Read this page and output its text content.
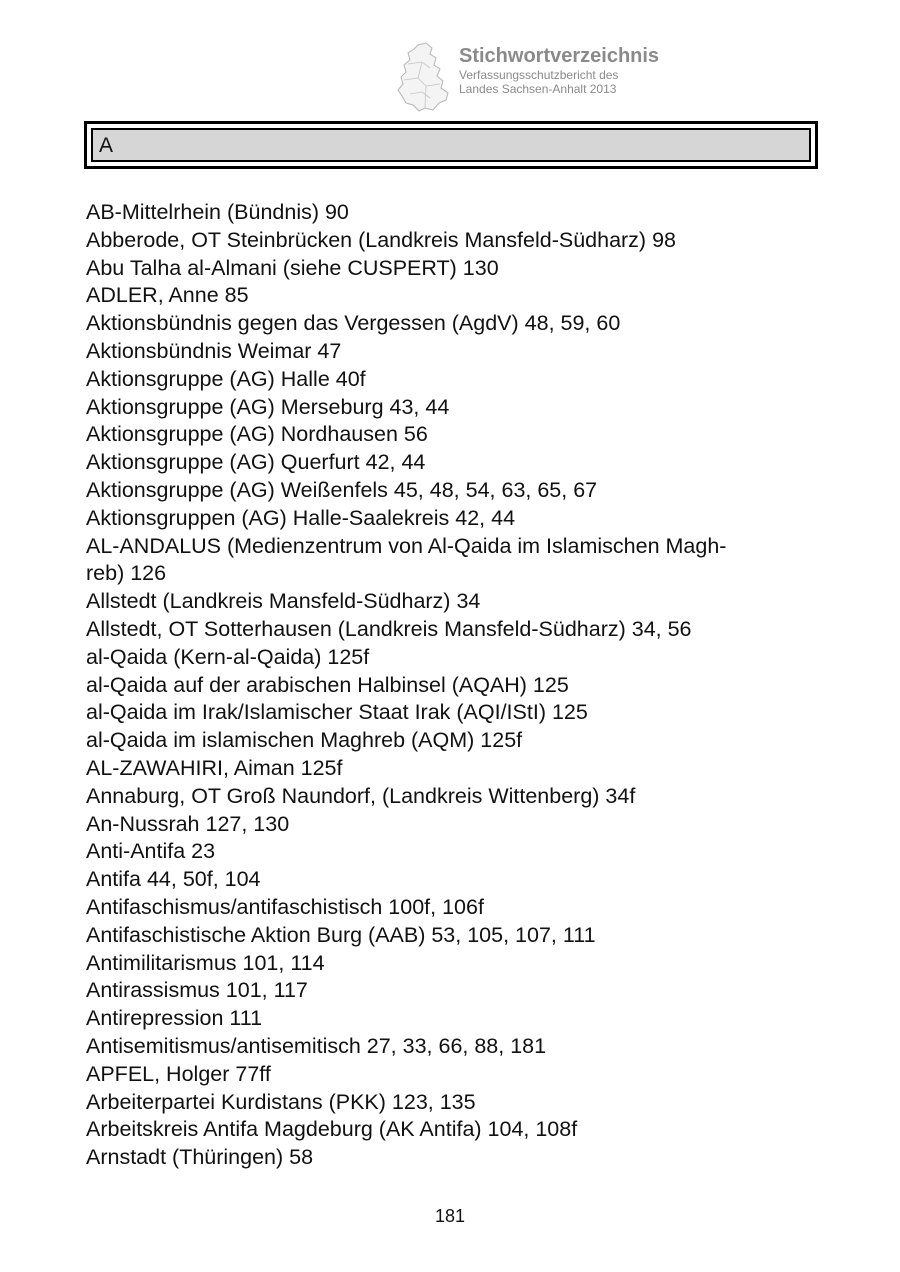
Stichwortverzeichnis
Verfassungsschutzbericht des
Landes Sachsen-Anhalt 2013
A
AB-Mittelrhein (Bündnis) 90
Abberode, OT Steinbrücken (Landkreis Mansfeld-Südharz) 98
Abu Talha al-Almani (siehe CUSPERT) 130
ADLER, Anne 85
Aktionsbündnis gegen das Vergessen (AgdV) 48, 59, 60
Aktionsbündnis Weimar 47
Aktionsgruppe (AG) Halle 40f
Aktionsgruppe (AG) Merseburg 43, 44
Aktionsgruppe (AG) Nordhausen 56
Aktionsgruppe (AG) Querfurt 42, 44
Aktionsgruppe (AG) Weißenfels 45, 48, 54, 63, 65, 67
Aktionsgruppen (AG) Halle-Saalekreis 42, 44
AL-ANDALUS (Medienzentrum von Al-Qaida im Islamischen Magh-
reb) 126
Allstedt (Landkreis Mansfeld-Südharz) 34
Allstedt, OT Sotterhausen (Landkreis Mansfeld-Südharz) 34, 56
al-Qaida (Kern-al-Qaida) 125f
al-Qaida auf der arabischen Halbinsel (AQAH) 125
al-Qaida im Irak/Islamischer Staat Irak (AQI/IStI) 125
al-Qaida im islamischen Maghreb (AQM) 125f
AL-ZAWAHIRI, Aiman 125f
Annaburg, OT Groß Naundorf, (Landkreis Wittenberg) 34f
An-Nussrah 127, 130
Anti-Antifa 23
Antifa 44, 50f, 104
Antifaschismus/antifaschistisch 100f, 106f
Antifaschistische Aktion Burg (AAB) 53, 105, 107, 111
Antimilitarismus 101, 114
Antirassismus 101, 117
Antirepression 111
Antisemitismus/antisemitisch 27, 33, 66, 88, 181
APFEL, Holger 77ff
Arbeiterpartei Kurdistans (PKK) 123, 135
Arbeitskreis Antifa Magdeburg (AK Antifa) 104, 108f
Arnstadt (Thüringen) 58
181
